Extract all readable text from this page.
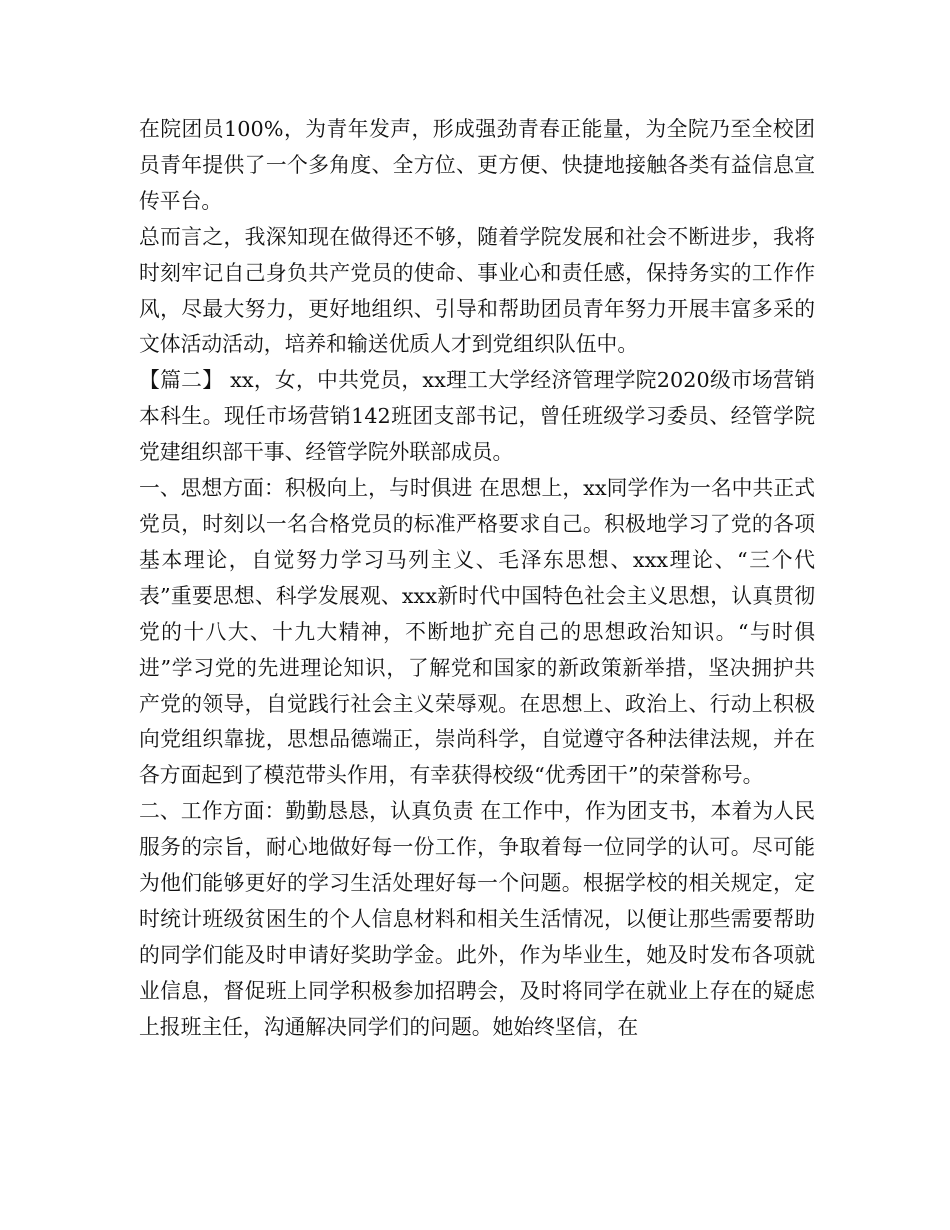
在院团员100%，为青年发声，形成强劲青春正能量，为全院乃至全校团员青年提供了一个多角度、全方位、更方便、快捷地接触各类有益信息宣传平台。

总而言之，我深知现在做得还不够，随着学院发展和社会不断进步，我将时刻牢记自己身负共产党员的使命、事业心和责任感，保持务实的工作作风，尽最大努力，更好地组织、引导和帮助团员青年努力开展丰富多采的文体活动活动，培养和输送优质人才到党组织队伍中。

【篇二】 xx，女，中共党员，xx理工大学经济管理学院2020级市场营销本科生。现任市场营销142班团支部书记，曾任班级学习委员、经管学院党建组织部干事、经管学院外联部成员。

一、思想方面：积极向上，与时俱进 在思想上，xx同学作为一名中共正式党员，时刻以一名合格党员的标准严格要求自己。积极地学习了党的各项基本理论，自觉努力学习马列主义、毛泽东思想、xxx理论、“三个代表”重要思想、科学发展观、xxx新时代中国特色社会主义思想，认真贯彻党的十八大、十九大精神，不断地扩充自己的思想政治知识。“与时俱进”学习党的先进理论知识，了解党和国家的新政策新举措，坚决拥护共产党的领导，自觉践行社会主义荣辱观。在思想上、政治上、行动上积极向党组织靠拢，思想品德端正，崇尚科学，自觉遵守各种法律法规，并在各方面起到了模范带头作用，有幸获得校级“优秀团干”的荣誉称号。

二、工作方面：勤勤恳恳，认真负责 在工作中，作为团支书，本着为人民服务的宗旨，耐心地做好每一份工作，争取着每一位同学的认可。尽可能为他们能够更好的学习生活处理好每一个问题。根据学校的相关规定，定时统计班级贫困生的个人信息材料和相关生活情况，以便让那些需要帮助的同学们能及时申请好奖助学金。此外，作为毕业生，她及时发布各项就业信息，督促班上同学积极参加招聘会，及时将同学在就业上存在的疑虑上报班主任，沟通解决同学们的问题。她始终坚信，在
